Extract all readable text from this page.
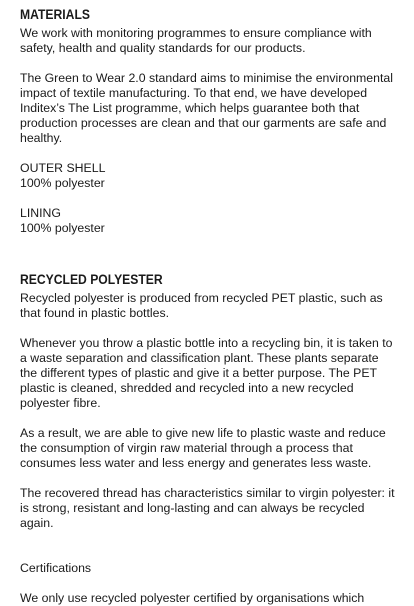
MATERIALS

We work with monitoring programmes to ensure compliance with safety, health and quality standards for our products.

The Green to Wear 2.0 standard aims to minimise the environmental impact of textile manufacturing. To that end, we have developed Inditex’s The List programme, which helps guarantee both that production processes are clean and that our garments are safe and healthy.

OUTER SHELL
100% polyester
LINING
100% polyester
RECYCLED POLYESTER

Recycled polyester is produced from recycled PET plastic, such as that found in plastic bottles.

Whenever you throw a plastic bottle into a recycling bin, it is taken to a waste separation and classification plant. These plants separate the different types of plastic and give it a better purpose. The PET plastic is cleaned, shredded and recycled into a new recycled polyester fibre.

As a result, we are able to give new life to plastic waste and reduce the consumption of virgin raw material through a process that consumes less water and less energy and generates less waste.

The recovered thread has characteristics similar to virgin polyester: it is strong, resistant and long-lasting and can always be recycled again.

Certifications

We only use recycled polyester certified by organisations which
